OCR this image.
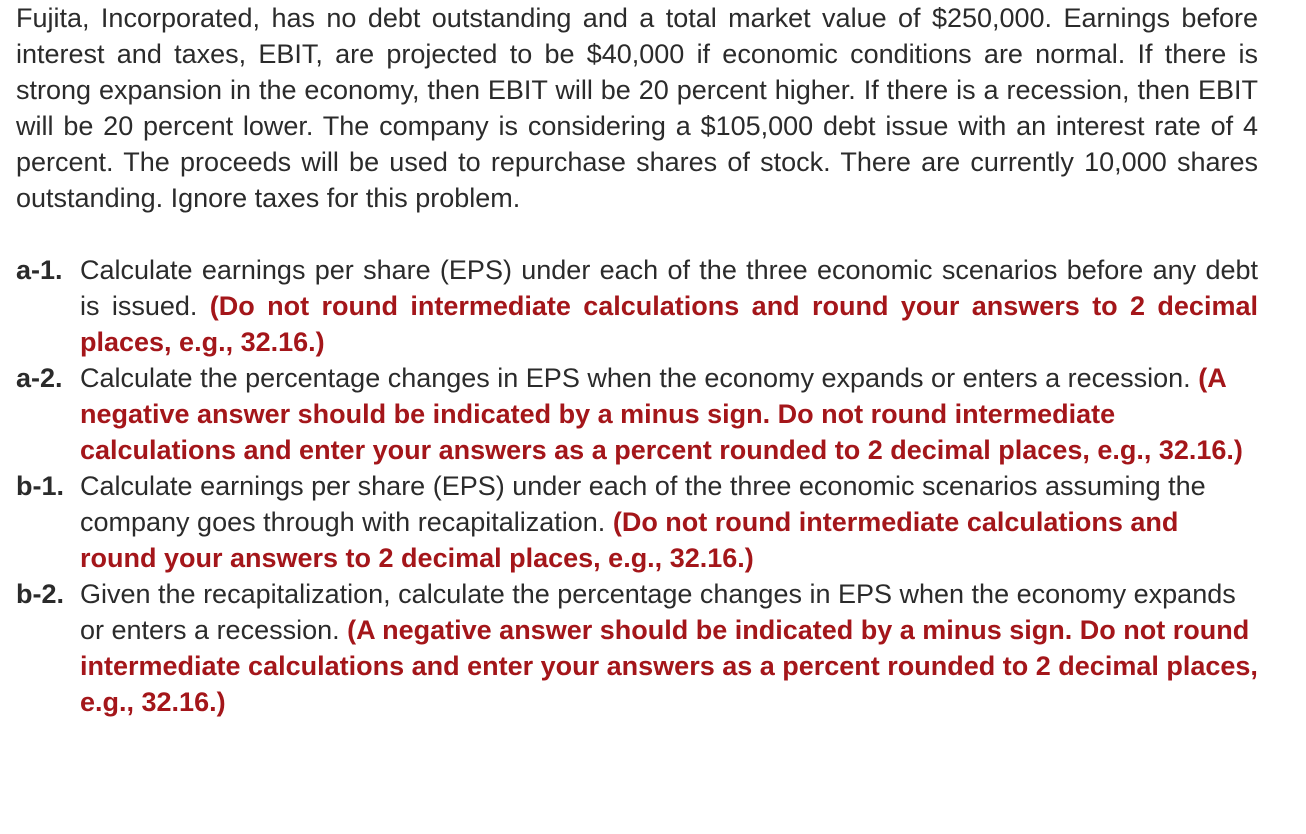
Fujita, Incorporated, has no debt outstanding and a total market value of $250,000. Earnings before interest and taxes, EBIT, are projected to be $40,000 if economic conditions are normal. If there is strong expansion in the economy, then EBIT will be 20 percent higher. If there is a recession, then EBIT will be 20 percent lower. The company is considering a $105,000 debt issue with an interest rate of 4 percent. The proceeds will be used to repurchase shares of stock. There are currently 10,000 shares outstanding. Ignore taxes for this problem.

a-1. Calculate earnings per share (EPS) under each of the three economic scenarios before any debt is issued. (Do not round intermediate calculations and round your answers to 2 decimal places, e.g., 32.16.)
a-2. Calculate the percentage changes in EPS when the economy expands or enters a recession. (A negative answer should be indicated by a minus sign. Do not round intermediate calculations and enter your answers as a percent rounded to 2 decimal places, e.g., 32.16.)
b-1. Calculate earnings per share (EPS) under each of the three economic scenarios assuming the company goes through with recapitalization. (Do not round intermediate calculations and round your answers to 2 decimal places, e.g., 32.16.)
b-2. Given the recapitalization, calculate the percentage changes in EPS when the economy expands or enters a recession. (A negative answer should be indicated by a minus sign. Do not round intermediate calculations and enter your answers as a percent rounded to 2 decimal places, e.g., 32.16.)
